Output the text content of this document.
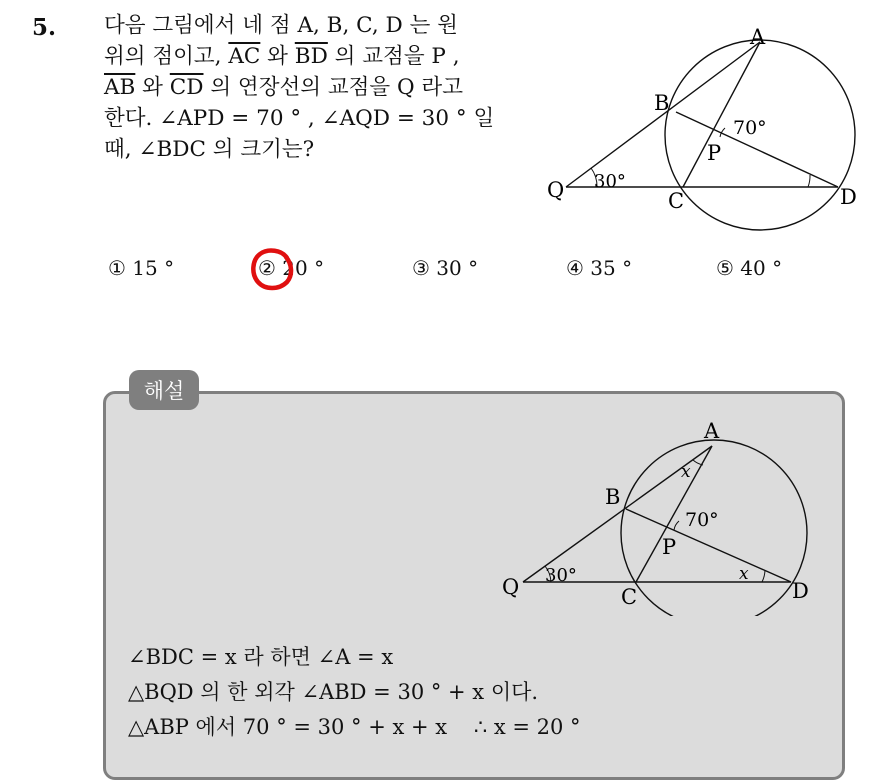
5. 다음 그림에서 네 점 A, B, C, D 는 원
위의 점이고, $\overline{AC}$ 와 $\overline{BD}$ 의 교점을 P ,
$\overline{AB}$ 와 $\overline{CD}$ 의 연장선의 교점을 Q 라고
한다. ∠APD = 70 ° , ∠AQD = 30 ° 일
때, ∠BDC 의 크기는?
A
B
C	D
P
Q
70°
30°
① 15 °	② 20 °	③ 30 °	④ 35 °	⑤ 40 °
해설
A
B
C	D
P
Q
70°
30°
x
x
∠BDC = x 라 하면 ∠A = x
△BQD 의 한 외각 ∠ABD = 30 ° + x 이다.
△ABP 에서 70 ° = 30 ° + x + x    ∴ x = 20 °
